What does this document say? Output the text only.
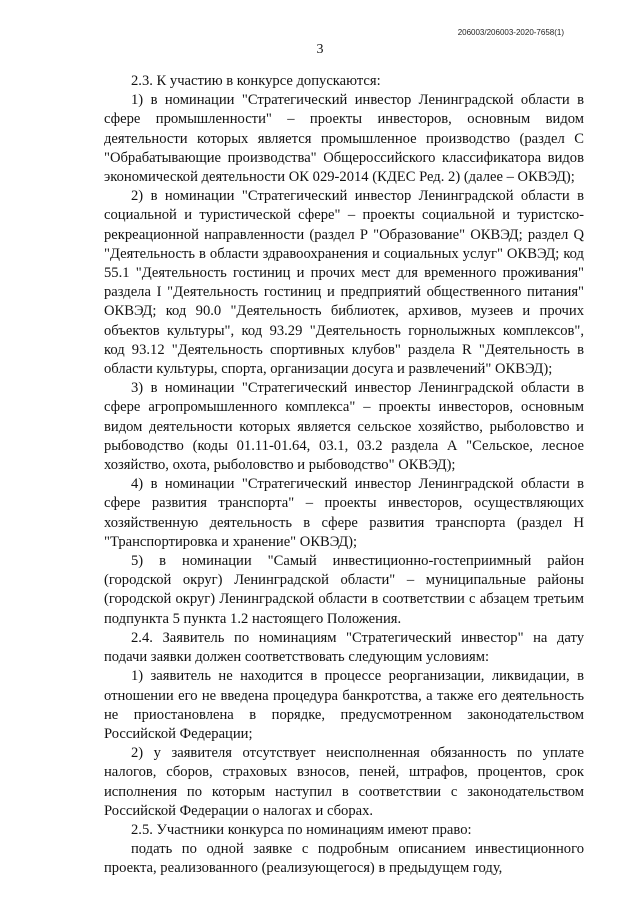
206003/206003-2020-7658(1)
3

2.3. К участию в конкурсе допускаются:

1) в номинации "Стратегический инвестор Ленинградской области в сфере промышленности" – проекты инвесторов, основным видом деятельности которых является промышленное производство (раздел С "Обрабатывающие производства" Общероссийского классификатора видов экономической деятельности ОК 029-2014 (КДЕС Ред. 2) (далее – ОКВЭД);

2) в номинации "Стратегический инвестор Ленинградской области в социальной и туристической сфере" – проекты социальной и туристско-рекреационной направленности (раздел Р "Образование" ОКВЭД; раздел Q "Деятельность в области здравоохранения и социальных услуг" ОКВЭД; код 55.1 "Деятельность гостиниц и прочих мест для временного проживания" раздела I "Деятельность гостиниц и предприятий общественного питания" ОКВЭД; код 90.0 "Деятельность библиотек, архивов, музеев и прочих объектов культуры", код 93.29 "Деятельность горнолыжных комплексов", код 93.12 "Деятельность спортивных клубов" раздела R "Деятельность в области культуры, спорта, организации досуга и развлечений" ОКВЭД);

3) в номинации "Стратегический инвестор Ленинградской области в сфере агропромышленного комплекса" – проекты инвесторов, основным видом деятельности которых является сельское хозяйство, рыболовство и рыбоводство (коды 01.11-01.64, 03.1, 03.2 раздела А "Сельское, лесное хозяйство, охота, рыболовство и рыбоводство" ОКВЭД);

4) в номинации "Стратегический инвестор Ленинградской области в сфере развития транспорта" – проекты инвесторов, осуществляющих хозяйственную деятельность в сфере развития транспорта (раздел Н "Транспортировка и хранение" ОКВЭД);

5) в номинации "Самый инвестиционно-гостеприимный район (городской округ) Ленинградской области" – муниципальные районы (городской округ) Ленинградской области в соответствии с абзацем третьим подпункта 5 пункта 1.2 настоящего Положения.

2.4. Заявитель по номинациям "Стратегический инвестор" на дату подачи заявки должен соответствовать следующим условиям:

1) заявитель не находится в процессе реорганизации, ликвидации, в отношении его не введена процедура банкротства, а также его деятельность не приостановлена в порядке, предусмотренном законодательством Российской Федерации;

2) у заявителя отсутствует неисполненная обязанность по уплате налогов, сборов, страховых взносов, пеней, штрафов, процентов, срок исполнения по которым наступил в соответствии с законодательством Российской Федерации о налогах и сборах.

2.5. Участники конкурса по номинациям имеют право:

подать по одной заявке с подробным описанием инвестиционного проекта, реализованного (реализующегося) в предыдущем году,
